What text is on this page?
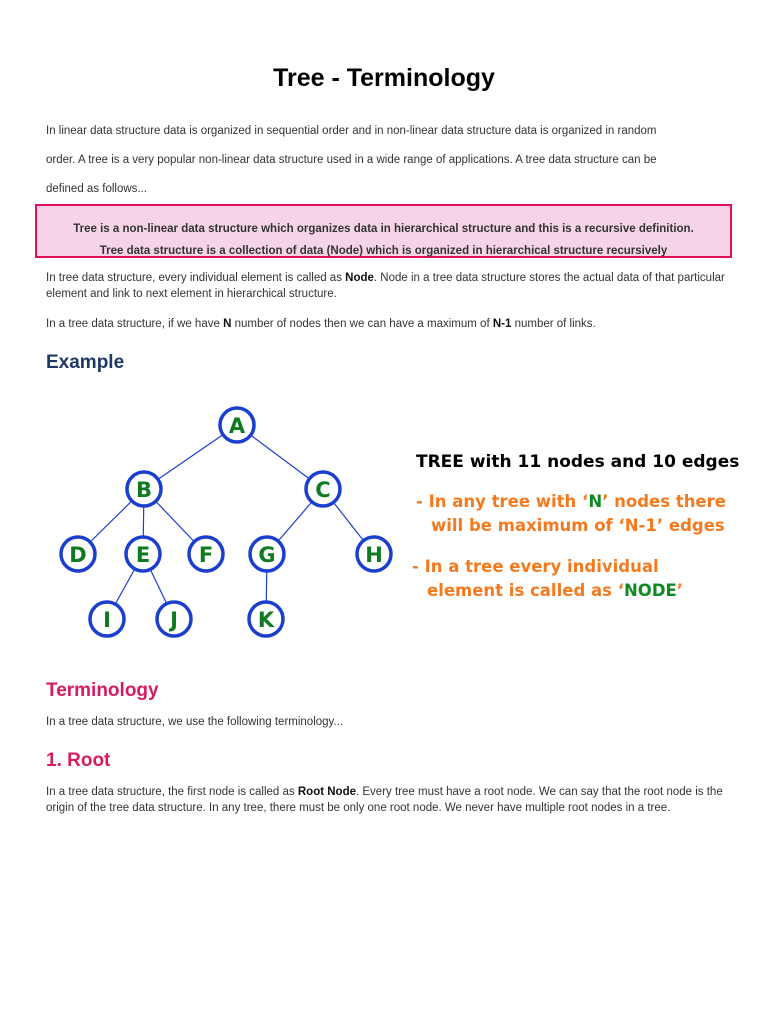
Tree - Terminology
In linear data structure data is organized in sequential order and in non-linear data structure data is organized in random
order. A tree is a very popular non-linear data structure used in a wide range of applications. A tree data structure can be
defined as follows...
Tree is a non-linear data structure which organizes data in hierarchical structure and this is a recursive definition.
Tree data structure is a collection of data (Node) which is organized in hierarchical structure recursively
In tree data structure, every individual element is called as Node. Node in a tree data structure stores the actual data of that particular element and link to next element in hierarchical structure.
In a tree data structure, if we have N number of nodes then we can have a maximum of N-1 number of links.
Example
A
B	C
D E F G	H
I	J	K
TREE with 11 nodes and 10 edges
- In any tree with ‘N’ nodes there
will be maximum of ‘N-1’ edges
- In a tree every individual
element is called as ‘NODE’
Terminology
In a tree data structure, we use the following terminology...
1. Root
In a tree data structure, the first node is called as Root Node. Every tree must have a root node. We can say that the root node is the origin of the tree data structure. In any tree, there must be only one root node. We never have multiple root nodes in a tree.
